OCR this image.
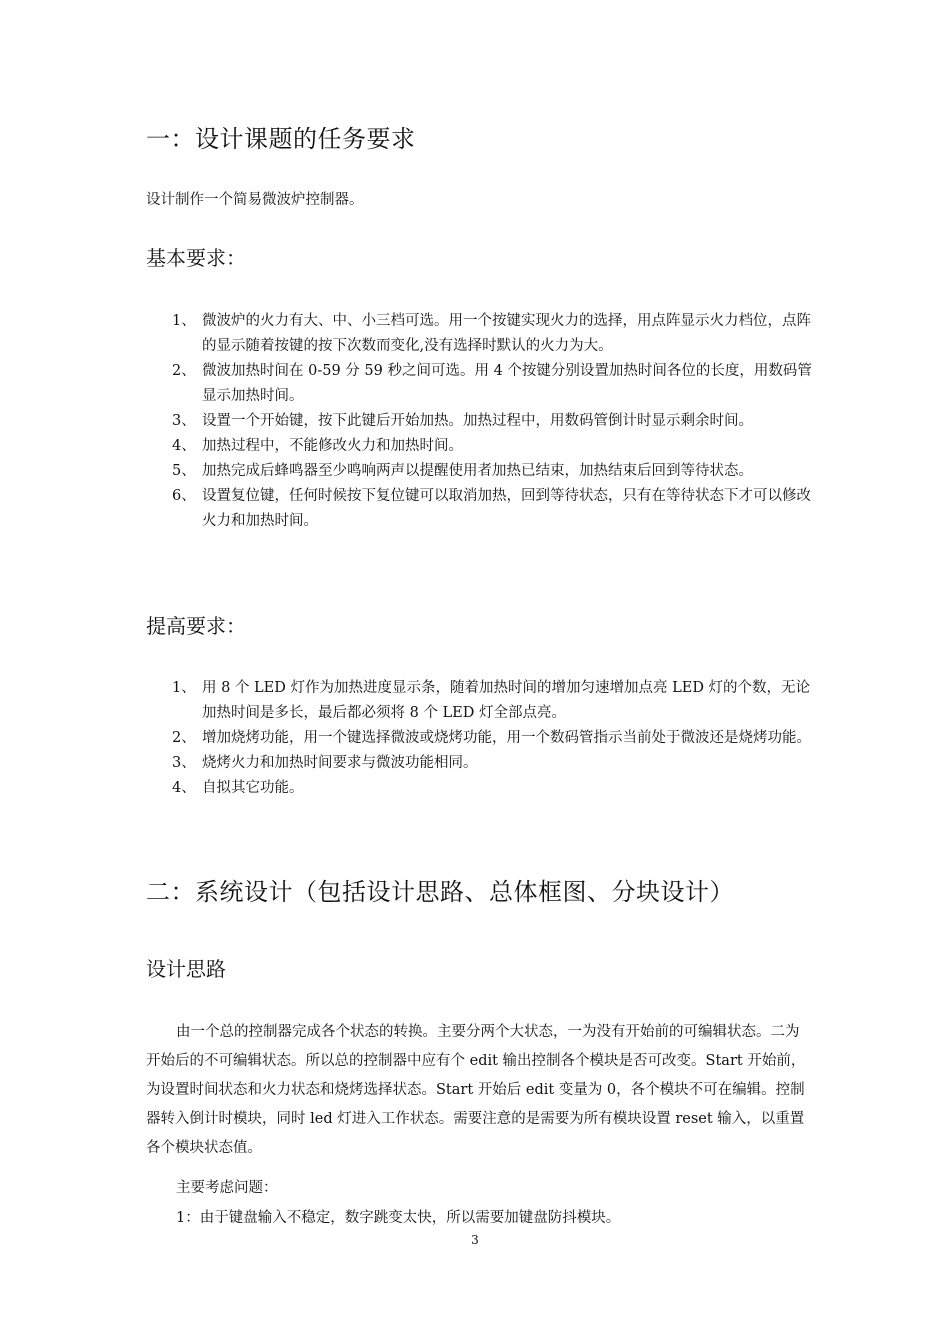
一：设计课题的任务要求
设计制作一个简易微波炉控制器。
基本要求：
1、 微波炉的火力有大、中、小三档可选。用一个按键实现火力的选择，用点阵显示火力档位，点阵的显示随着按键的按下次数而变化,没有选择时默认的火力为大。
2、 微波加热时间在 0-59 分 59 秒之间可选。用 4 个按键分别设置加热时间各位的长度，用数码管显示加热时间。
3、 设置一个开始键，按下此键后开始加热。加热过程中，用数码管倒计时显示剩余时间。
4、 加热过程中，不能修改火力和加热时间。
5、 加热完成后蜂鸣器至少鸣响两声以提醒使用者加热已结束，加热结束后回到等待状态。
6、 设置复位键，任何时候按下复位键可以取消加热，回到等待状态，只有在等待状态下才可以修改火力和加热时间。
提高要求：
1、 用 8 个 LED 灯作为加热进度显示条，随着加热时间的增加匀速增加点亮 LED 灯的个数，无论加热时间是多长，最后都必须将 8 个 LED 灯全部点亮。
2、 增加烧烤功能，用一个键选择微波或烧烤功能，用一个数码管指示当前处于微波还是烧烤功能。
3、 烧烤火力和加热时间要求与微波功能相同。
4、 自拟其它功能。
二：系统设计（包括设计思路、总体框图、分块设计）
设计思路
由一个总的控制器完成各个状态的转换。主要分两个大状态，一为没有开始前的可编辑状态。二为开始后的不可编辑状态。所以总的控制器中应有个 edit 输出控制各个模块是否可改变。Start 开始前，为设置时间状态和火力状态和烧烤选择状态。Start 开始后 edit 变量为 0，各个模块不可在编辑。控制器转入倒计时模块，同时 led 灯进入工作状态。需要注意的是需要为所有模块设置 reset 输入，以重置各个模块状态值。
主要考虑问题：
1：由于键盘输入不稳定，数字跳变太快，所以需要加键盘防抖模块。
3
